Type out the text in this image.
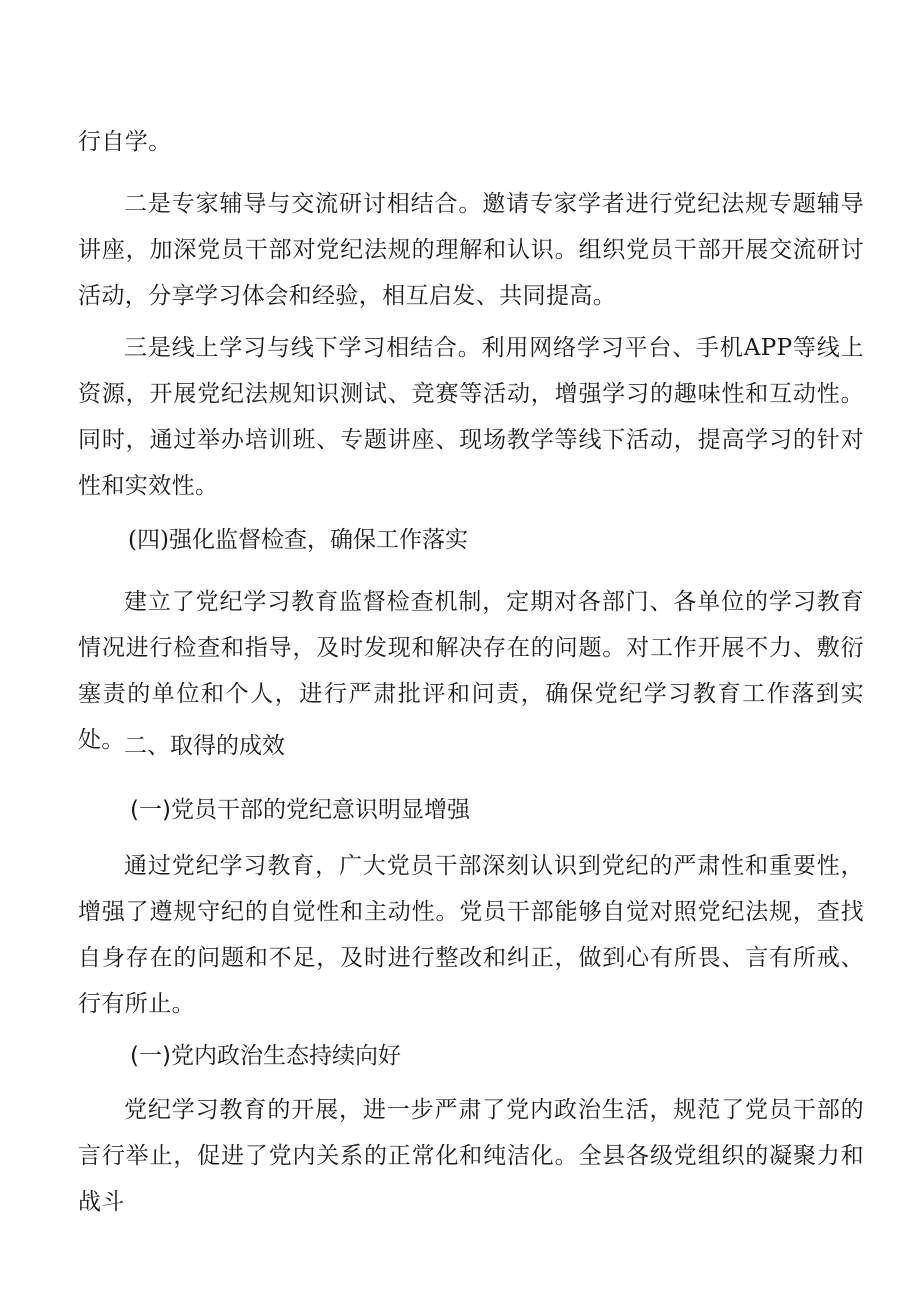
行自学。

二是专家辅导与交流研讨相结合。邀请专家学者进行党纪法规专题辅导讲座，加深党员干部对党纪法规的理解和认识。组织党员干部开展交流研讨活动，分享学习体会和经验，相互启发、共同提高。

三是线上学习与线下学习相结合。利用网络学习平台、手机APP等线上资源，开展党纪法规知识测试、竞赛等活动，增强学习的趣味性和互动性。同时，通过举办培训班、专题讲座、现场教学等线下活动，提高学习的针对性和实效性。

(四)强化监督检查，确保工作落实

建立了党纪学习教育监督检查机制，定期对各部门、各单位的学习教育情况进行检查和指导，及时发现和解决存在的问题。对工作开展不力、敷衍塞责的单位和个人，进行严肃批评和问责，确保党纪学习教育工作落到实处。 二、取得的成效

(一)党员干部的党纪意识明显增强

通过党纪学习教育，广大党员干部深刻认识到党纪的严肃性和重要性，增强了遵规守纪的自觉性和主动性。党员干部能够自觉对照党纪法规，查找自身存在的问题和不足，及时进行整改和纠正，做到心有所畏、言有所戒、行有所止。

(一)党内政治生态持续向好

党纪学习教育的开展，进一步严肃了党内政治生活，规范了党员干部的言行举止，促进了党内关系的正常化和纯洁化。全县各级党组织的凝聚力和战斗
